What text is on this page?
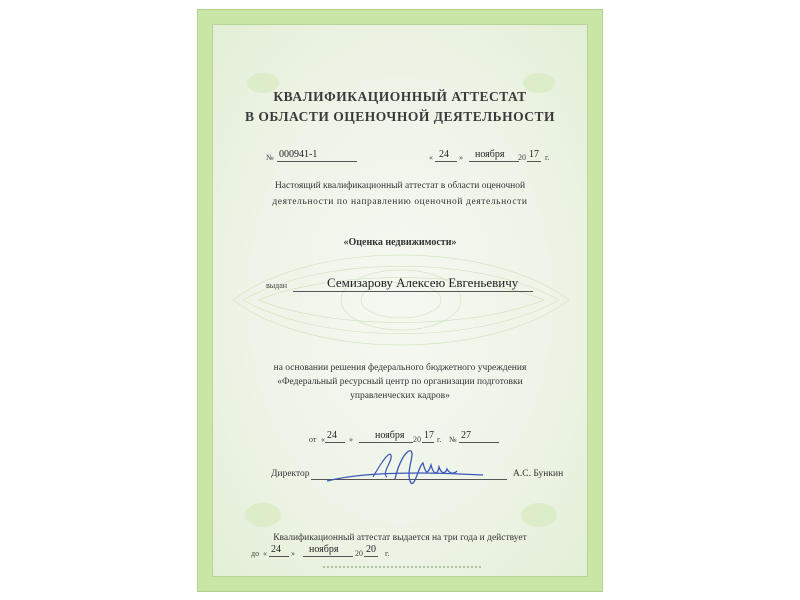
КВАЛИФИКАЦИОННЫЙ АТТЕСТАТ
В ОБЛАСТИ ОЦЕНОЧНОЙ ДЕЯТЕЛЬНОСТИ
№ 000941-1	« 24 » ноября 20 17 г.
Настоящий квалификационный аттестат в области оценочной
деятельности по направлению оценочной деятельности
«Оценка недвижимости»
выдан	Семизарову Алексею Евгеньевичу
на основании решения федерального бюджетного учреждения
«Федеральный ресурсный центр по организации подготовки
управленческих кадров»
от « 24 » ноября 20 17 г. № 27
Директор	А.С. Бункин
Квалификационный аттестат выдается на три года и действует
до « 24 » ноября 20 20 г.
